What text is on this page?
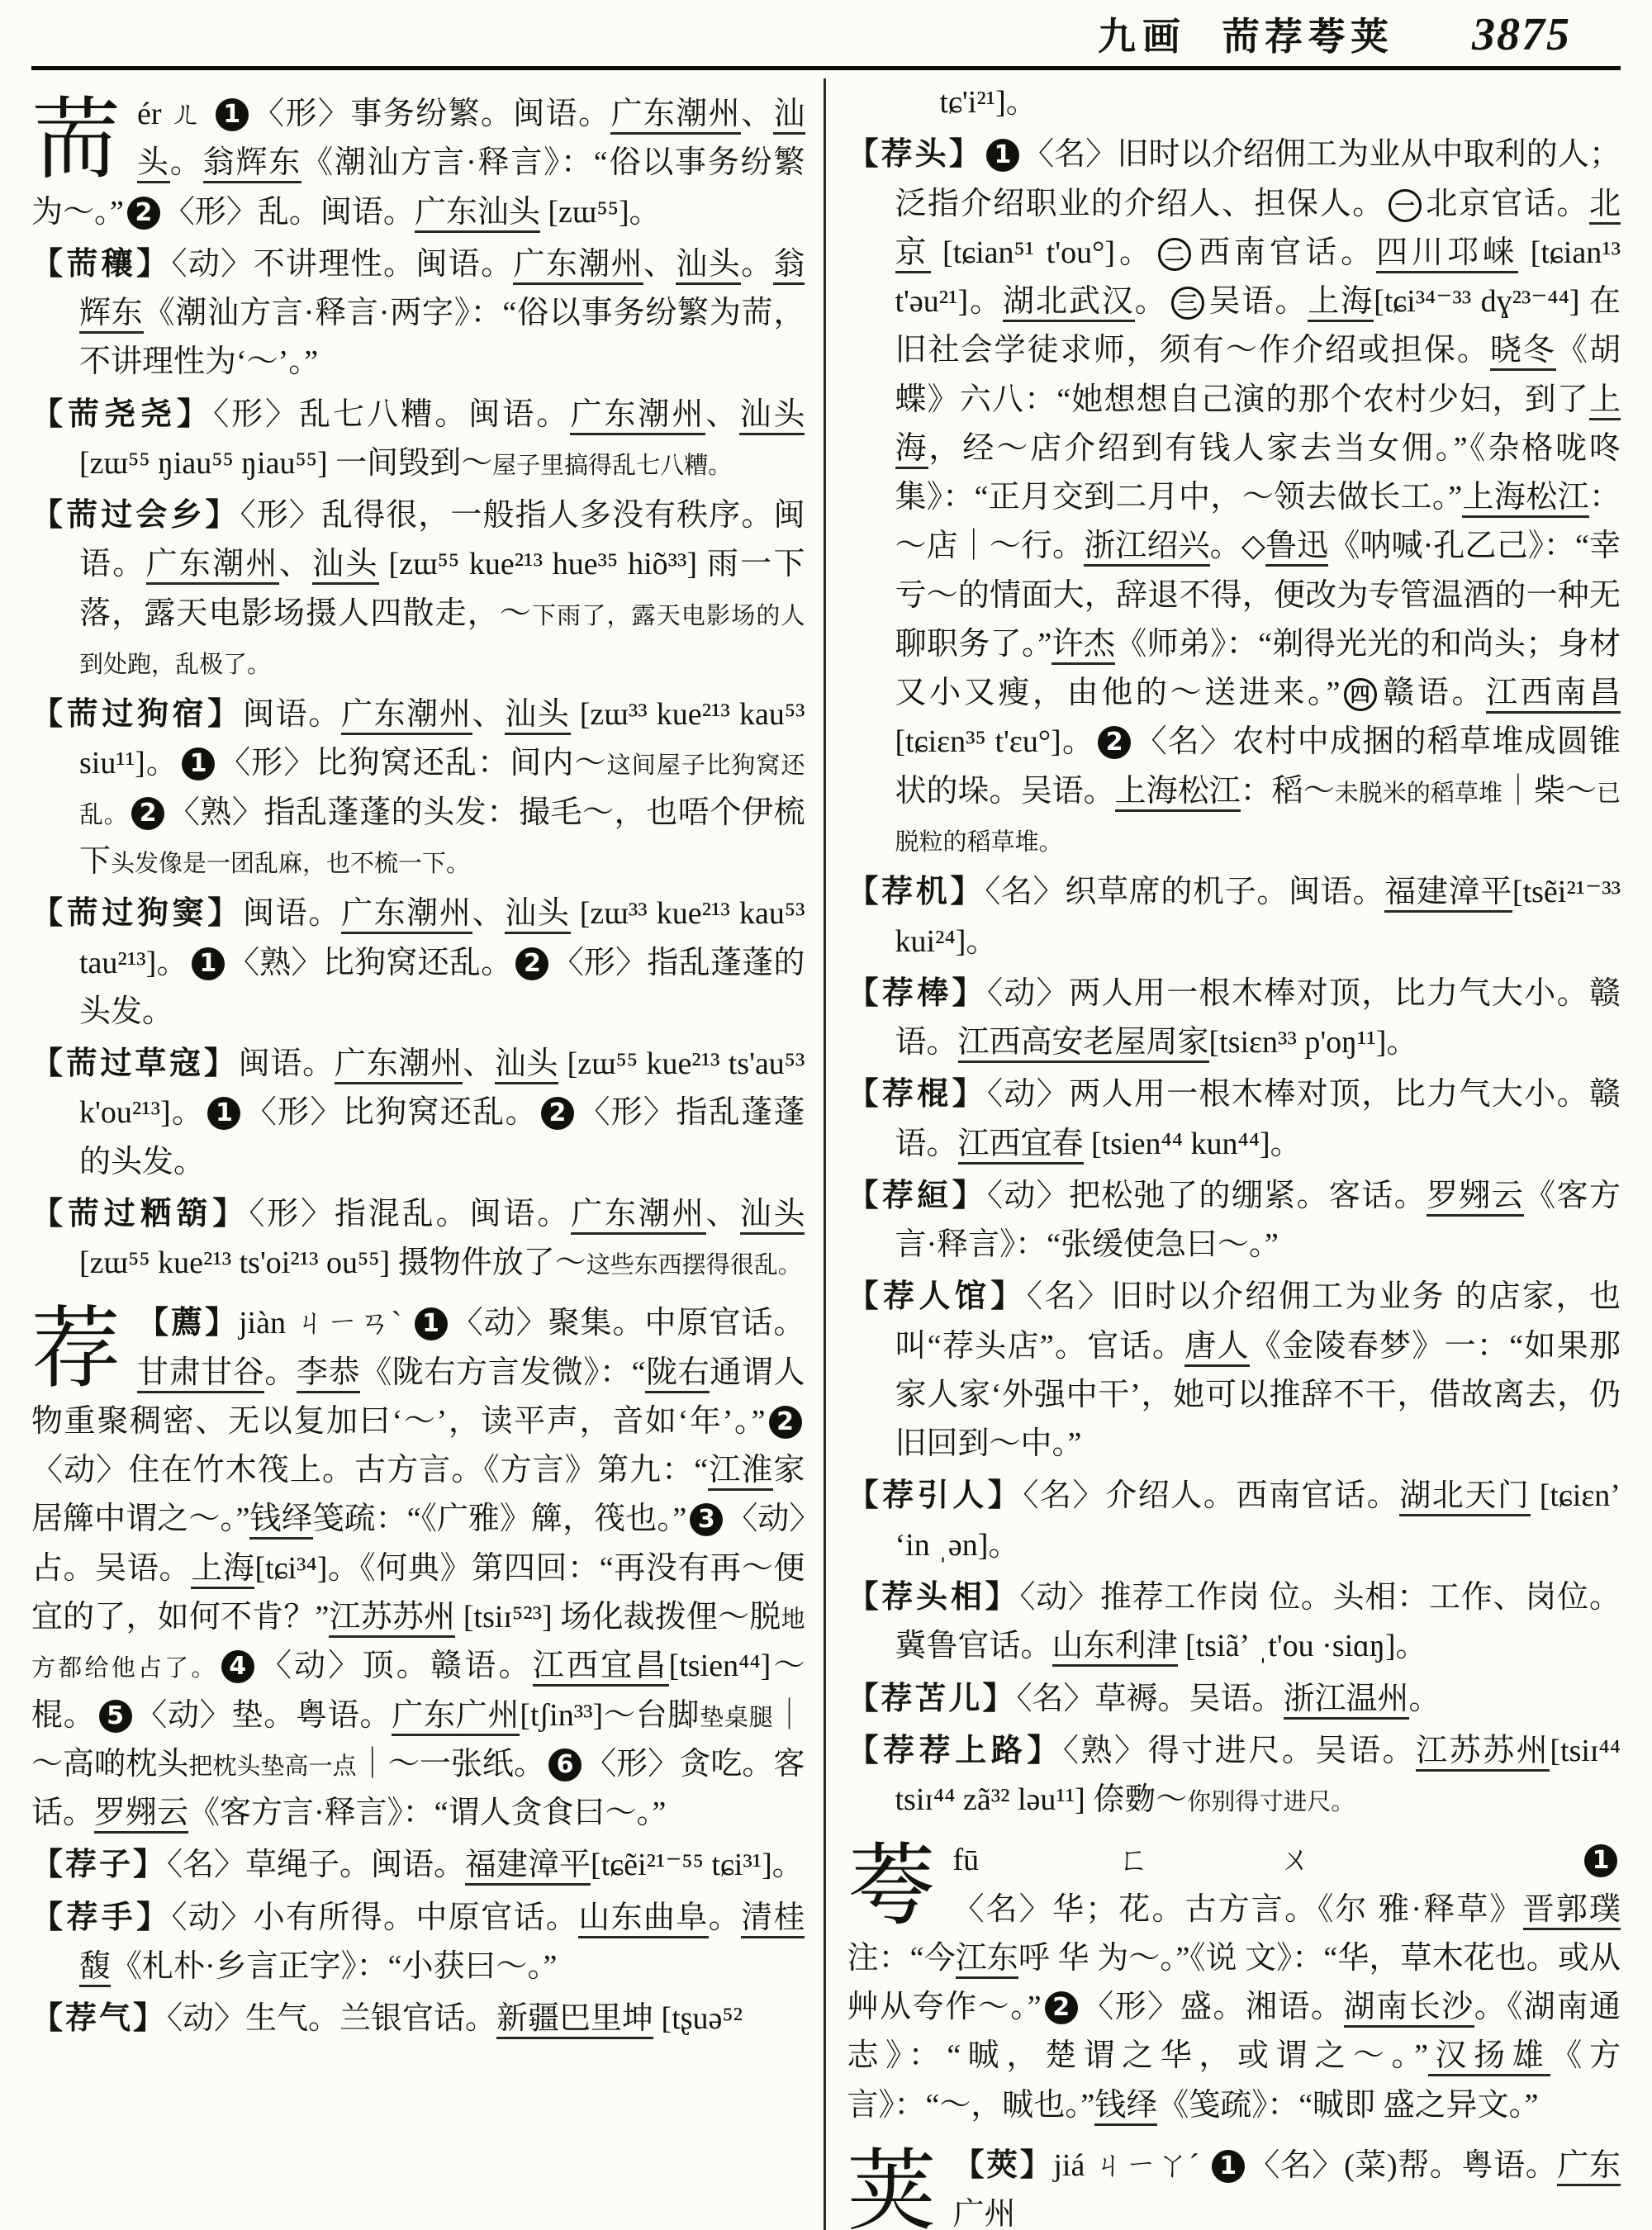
九画 荋荐荂荚 3875
荋ér ㄦ 1 〈形〉事务纷繁。闽语。广东潮州、汕头。翁辉东《潮汕方言·释言》：“俗以事务纷繁为～。” 2 〈形〉乱。闽语。广东汕头 [zɯ⁵⁵]。
【荋穰】〈动〉不讲理性。闽语。广东潮州、汕头。翁辉东《潮汕方言·释言·两字》：“俗以事务纷繁为荋，不讲理性为‘～’。”
【荋尧尧】〈形〉乱七八糟。闽语。广东潮州、汕头[zɯ⁵⁵ ŋiau⁵⁵ ŋiau⁵⁵] 一间毁到～屋子里搞得乱七八糟。
【荋过会乡】〈形〉乱得很，一般指人多没有秩序。闽语。广东潮州、汕头 [zɯ⁵⁵ kue²¹³ hue³⁵ hiõ³³] 雨一下落，露天电影场摄人四散走，～下雨了，露天电影场的人到处跑，乱极了。
【荋过狗宿】闽语。广东潮州、汕头 [zɯ³³ kue²¹³ kau⁵³ siu¹¹]。 1 〈形〉比狗窝还乱：间内～这间屋子比狗窝还乱。 2 〈熟〉指乱蓬蓬的头发：撮毛～，也唔个伊梳下头发像是一团乱麻，也不梳一下。
【荋过狗窦】闽语。广东潮州、汕头 [zɯ³³ kue²¹³ kau⁵³ tau²¹³]。 1 〈熟〉比狗窝还乱。 2 〈形〉指乱蓬蓬的头发。
【荋过草寇】闽语。广东潮州、汕头 [zɯ⁵⁵ kue²¹³ ts'au⁵³ k'ou²¹³]。 1 〈形〉比狗窝还乱。 2 〈形〉指乱蓬蓬的头发。
【荋过粞箶】〈形〉指混乱。闽语。广东潮州、汕头 [zɯ⁵⁵ kue²¹³ ts'oi²¹³ ou⁵⁵] 摄物件放了～这些东西摆得很乱。
荐 【薦】jiàn ㄐㄧㄢˋ 1 〈动〉聚集。中原官话。甘肃甘谷。李恭《陇右方言发微》：“陇右通谓人物重聚稠密、无以复加曰‘～’，读平声，音如‘年’。” 2〈动〉住在竹木筏上。古方言。《方言》第九：“江淮家居簰中谓之～。”钱绎笺疏：“《广雅》簰，筏也。” 3 〈动〉占。吴语。上海[tɕi³⁴]。《何典》第四回：“再没有再～便宜的了，如何不肯？”江苏苏州 [tsiɪ⁵²³] 场化裁拨俚～脱地方都给他占了。 4 〈动〉顶。赣语。江西宜昌[tsien⁴⁴]～棍。 5 〈动〉垫。粤语。广东广州[tʃin³³]～台脚垫桌腿｜～高啲枕头把枕头垫高一点｜～一张纸。 6 〈形〉贪吃。客话。罗翙云《客方言·释言》：“谓人贪食曰～。”
【荐子】〈名〉草绳子。闽语。福建漳平[tɕẽi²¹⁻⁵⁵ tɕi³¹]。
【荐手】〈动〉小有所得。中原官话。山东曲阜。清桂馥《札朴·乡言正字》：“小获曰～。”
【荐气】〈动〉生气。兰银官话。新疆巴里坤 [tʂuə⁵²
tɕ'i²¹]。
【荐头】 1 〈名〉旧时以介绍佣工为业从中取利的人；泛指介绍职业的介绍人、担保人。 一 北京官话。北京 [tɕian⁵¹ t'ou°]。 二 西南官话。四川邛崃 [tɕian¹³ t'əu²¹]。湖北武汉。 三 吴语。上海[tɕi³⁴⁻³³ dɣ²³⁻⁴⁴] 在旧社会学徒求师，须有～作介绍或担保。晓冬《胡蝶》六八：“她想想自己演的那个农村少妇，到了上海，经～店介绍到有钱人家去当女佣。”《杂格咙咚集》：“正月交到二月中，～领去做长工。”上海松江：～店｜～行。浙江绍兴。◇鲁迅《呐喊·孔乙己》：“幸亏～的情面大，辞退不得，便改为专管温酒的一种无聊职务了。”许杰《师弟》：“剃得光光的和尚头；身材又小又瘦，由他的～送进来。” 四 赣语。江西南昌[tɕiɛn³⁵ t'ɛu°]。 2 〈名〉农村中成捆的稻草堆成圆锥状的垛。吴语。上海松江：稻～未脱米的稻草堆｜柴～已脱粒的稻草堆。
【荐机】〈名〉织草席的机子。闽语。福建漳平[tsẽi²¹⁻³³ kui²⁴]。
【荐棒】〈动〉两人用一根木棒对顶，比力气大小。赣语。江西高安老屋周家[tsiɛn³³ p'oŋ¹¹]。
【荐棍】〈动〉两人用一根木棒对顶，比力气大小。赣语。江西宜春 [tsien⁴⁴ kun⁴⁴]。
【荐絙】〈动〉把松弛了的绷紧。客话。罗翙云《客方言·释言》：“张缓使急曰～。”
【荐人馆】〈名〉旧时以介绍佣工为业务 的店家，也叫“荐头店”。官话。唐人《金陵春梦》一：“如果那家人家‘外强中干’，她可以推辞不干，借故离去，仍旧回到～中。”
【荐引人】〈名〉介绍人。西南官话。湖北天门 [tɕiɛnʼ ʻin ˌən]。
【荐头相】〈动〉推荐工作岗 位。头相：工作、岗位。冀鲁官话。山东利津 [tsiãʼ ˌt'ou ·siɑŋ]。
【荐苫儿】〈名〉草褥。吴语。浙江温州。
【荐荐上路】〈熟〉得寸进尺。吴语。江苏苏州[tsiɪ⁴⁴ tsiɪ⁴⁴ zã³² ləu¹¹] 倷覅～你别得寸进尺。
荂fū ㄈㄨ 1〈名〉华；花。古方言。《尔 雅·释草》晋郭璞注：“今江东呼 华 为～。”《说 文》：“华，草木花也。或从艸从夸作～。” 2 〈形〉盛。湘语。湖南长沙。《湖南通志》：“晠，楚谓之华，或谓之～。”汉扬雄《方言》：“～，晠也。”钱绎《笺疏》：“晠即 盛之异文。”
荚 【莢】jiá ㄐㄧㄚˊ 1 〈名〉(菜)帮。粤语。广东广州
